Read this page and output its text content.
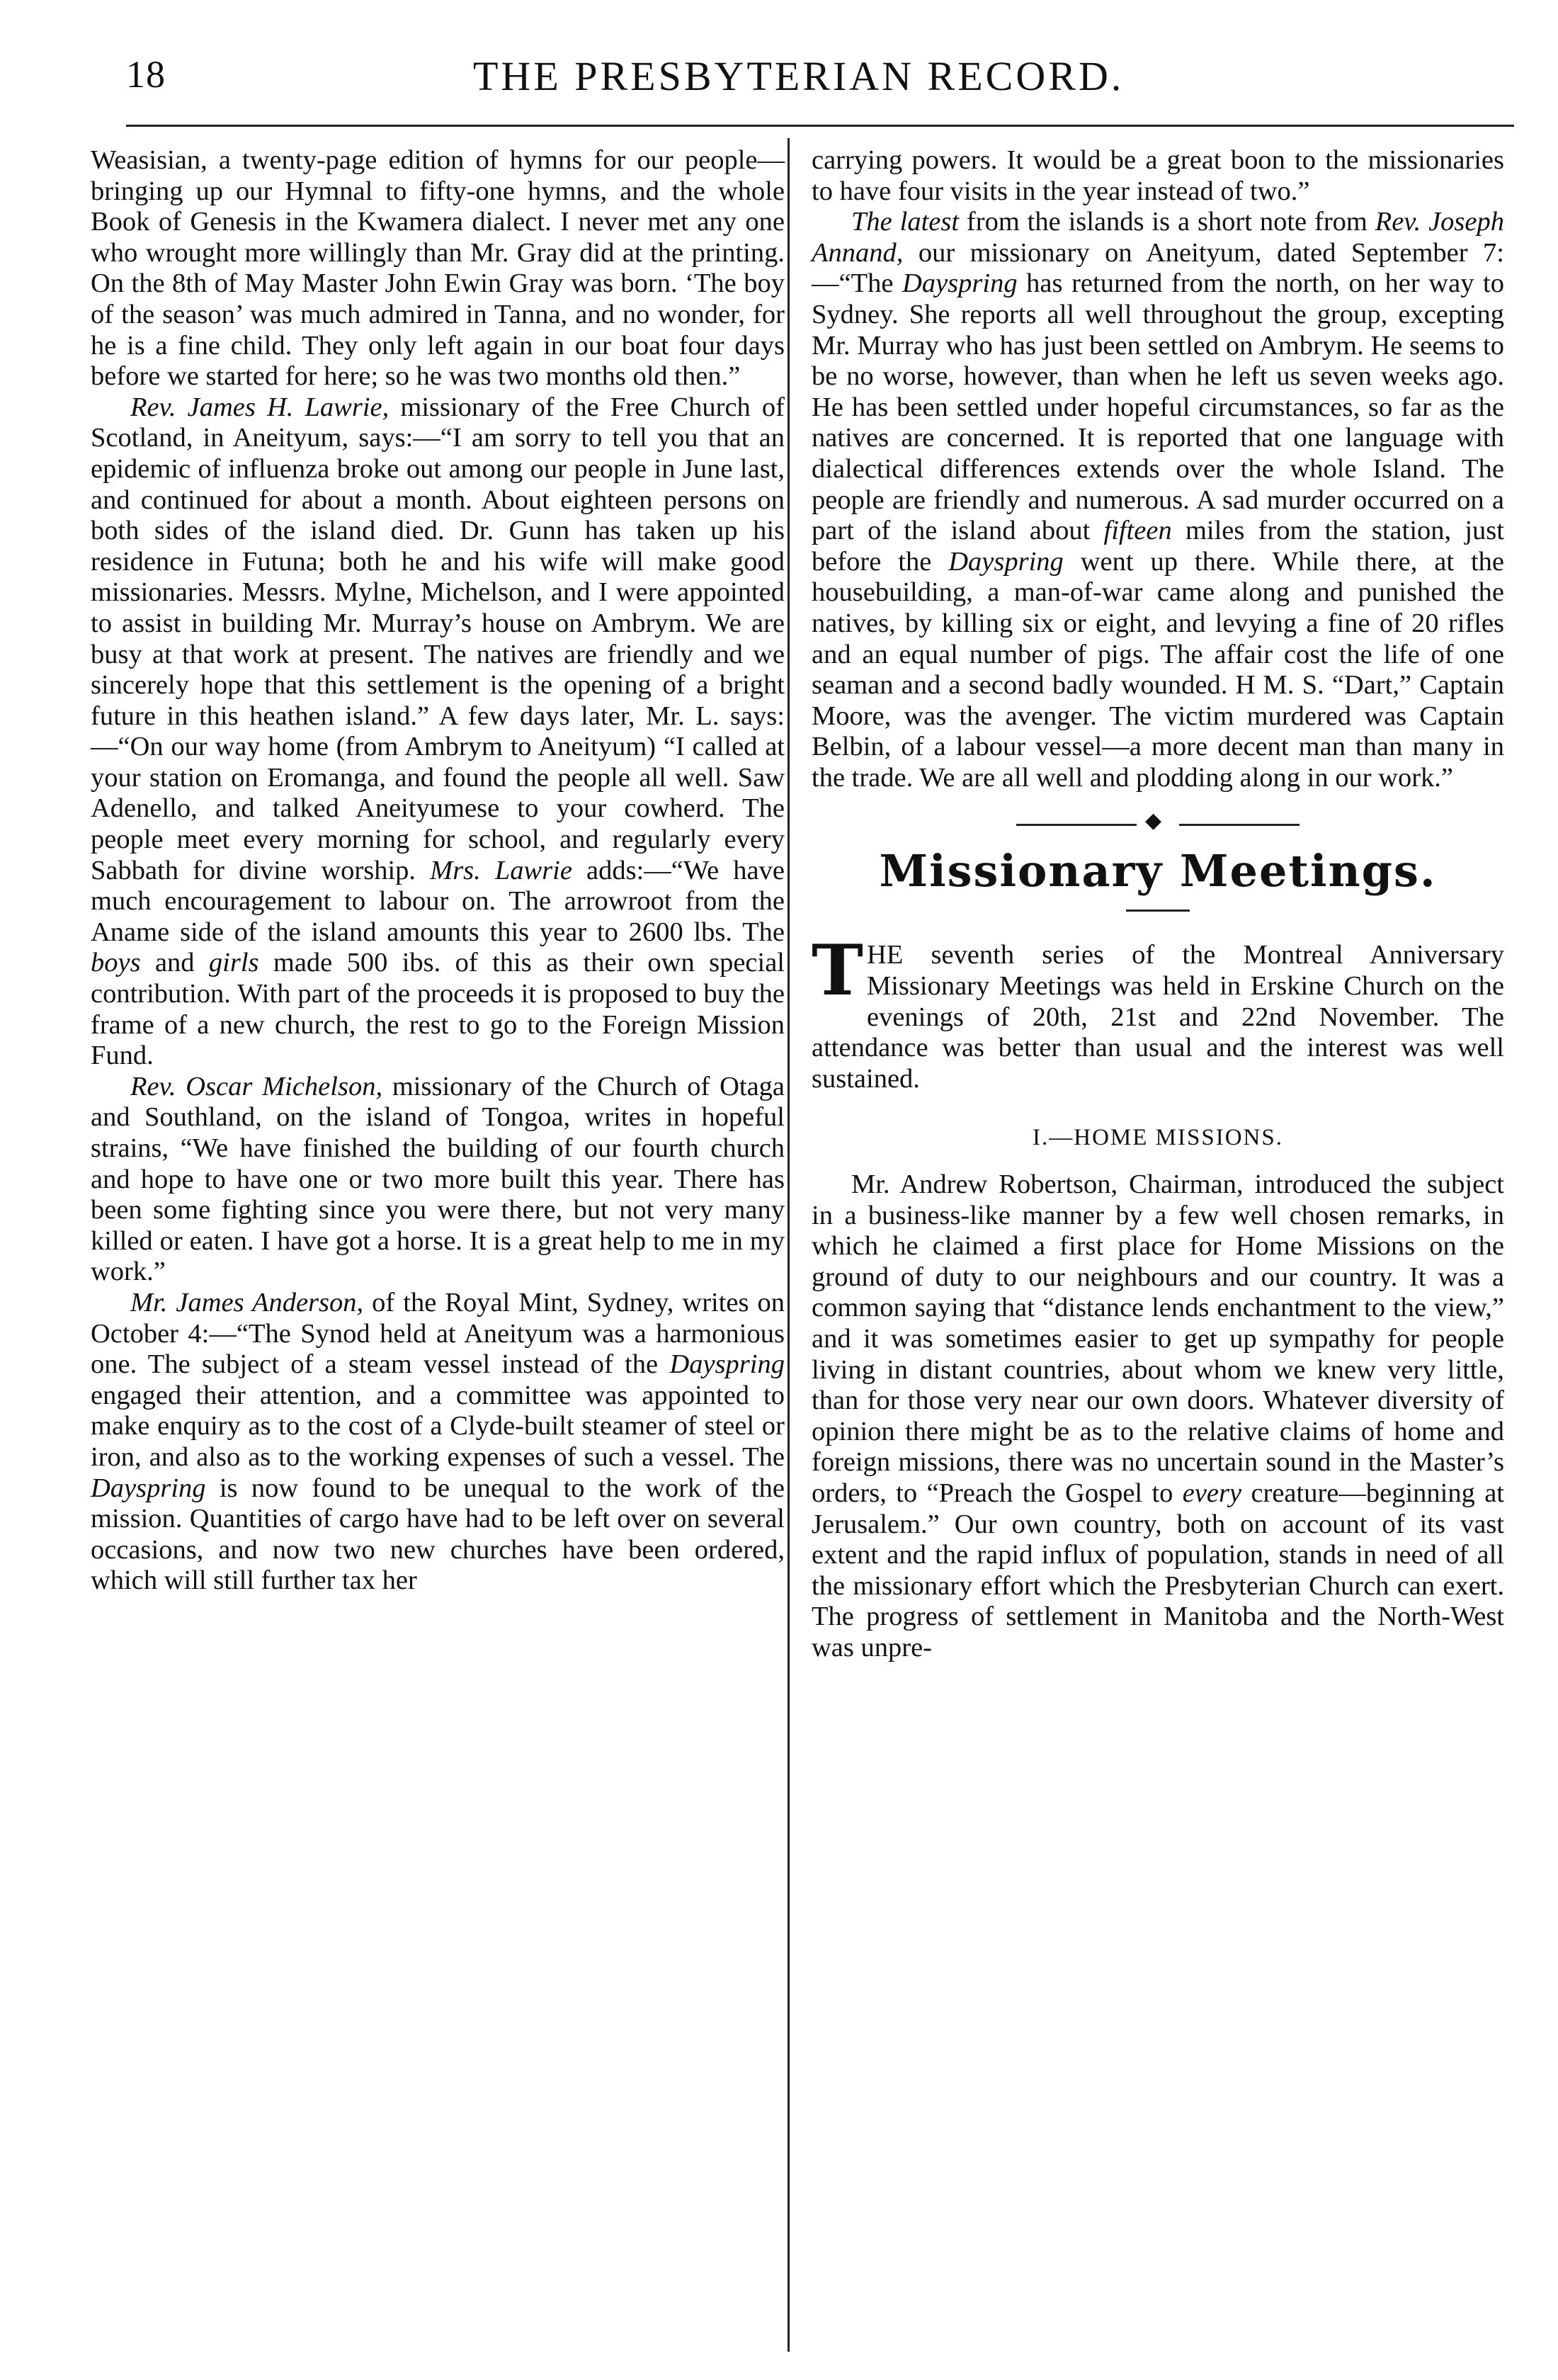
18	THE PRESBYTERIAN RECORD.

Weasisian, a twenty-page edition of hymns for our people—bringing up our Hymnal to fifty-one hymns, and the whole Book of Genesis in the Kwamera dialect. I never met any one who wrought more willingly than Mr. Gray did at the printing. On the 8th of May Master John Ewin Gray was born. ‘The boy of the season’ was much admired in Tanna, and no wonder, for he is a fine child. They only left again in our boat four days before we started for here; so he was two months old then.”

Rev. James H. Lawrie, missionary of the Free Church of Scotland, in Aneityum, says:—“I am sorry to tell you that an epidemic of influenza broke out among our people in June last, and continued for about a month. About eighteen persons on both sides of the island died. Dr. Gunn has taken up his residence in Futuna; both he and his wife will make good missionaries. Messrs. Mylne, Michelson, and I were appointed to assist in building Mr. Murray’s house on Ambrym. We are busy at that work at present. The natives are friendly and we sincerely hope that this settlement is the opening of a bright future in this heathen island.” A few days later, Mr. L. says:—“On our way home (from Ambrym to Aneityum) “I called at your station on Eromanga, and found the people all well. Saw Adenello, and talked Aneityumese to your cowherd. The people meet every morning for school, and regularly every Sabbath for divine worship. Mrs. Lawrie adds:—“We have much encouragement to labour on. The arrowroot from the Aname side of the island amounts this year to 2600 lbs. The boys and girls made 500 ibs. of this as their own special contribution. With part of the proceeds it is proposed to buy the frame of a new church, the rest to go to the Foreign Mission Fund.

Rev. Oscar Michelson, missionary of the Church of Otaga and Southland, on the island of Tongoa, writes in hopeful strains, “We have finished the building of our fourth church and hope to have one or two more built this year. There has been some fighting since you were there, but not very many killed or eaten. I have got a horse. It is a great help to me in my work.”

Mr. James Anderson, of the Royal Mint, Sydney, writes on October 4:—“The Synod held at Aneityum was a harmonious one. The subject of a steam vessel instead of the Dayspring engaged their attention, and a committee was appointed to make enquiry as to the cost of a Clyde-built steamer of steel or iron, and also as to the working expenses of such a vessel. The Dayspring is now found to be unequal to the work of the mission. Quantities of cargo have had to be left over on several occasions, and now two new churches have been ordered, which will still further tax her

carrying powers. It would be a great boon to the missionaries to have four visits in the year instead of two.”

The latest from the islands is a short note from Rev. Joseph Annand, our missionary on Aneityum, dated September 7:—“The Dayspring has returned from the north, on her way to Sydney. She reports all well throughout the group, excepting Mr. Murray who has just been settled on Ambrym. He seems to be no worse, however, than when he left us seven weeks ago. He has been settled under hopeful circumstances, so far as the natives are concerned. It is reported that one language with dialectical differences extends over the whole Island. The people are friendly and numerous. A sad murder occurred on a part of the island about fifteen miles from the station, just before the Dayspring went up there. While there, at the housebuilding, a man-of-war came along and punished the natives, by killing six or eight, and levying a fine of 20 rifles and an equal number of pigs. The affair cost the life of one seaman and a second badly wounded. H M. S. “Dart,” Captain Moore, was the avenger. The victim murdered was Captain Belbin, of a labour vessel—a more decent man than many in the trade. We are all well and plodding along in our work.”

◆
Missionary Meetings.

THE seventh series of the Montreal Anniversary Missionary Meetings was held in Erskine Church on the evenings of 20th, 21st and 22nd November. The attendance was better than usual and the interest was well sustained.

I.—HOME MISSIONS.

Mr. Andrew Robertson, Chairman, introduced the subject in a business-like manner by a few well chosen remarks, in which he claimed a first place for Home Missions on the ground of duty to our neighbours and our country. It was a common saying that “distance lends enchantment to the view,” and it was sometimes easier to get up sympathy for people living in distant countries, about whom we knew very little, than for those very near our own doors. Whatever diversity of opinion there might be as to the relative claims of home and foreign missions, there was no uncertain sound in the Master’s orders, to “Preach the Gospel to every creature—beginning at Jerusalem.” Our own country, both on account of its vast extent and the rapid influx of population, stands in need of all the missionary effort which the Presbyterian Church can exert. The progress of settlement in Manitoba and the North-West was unpre-
